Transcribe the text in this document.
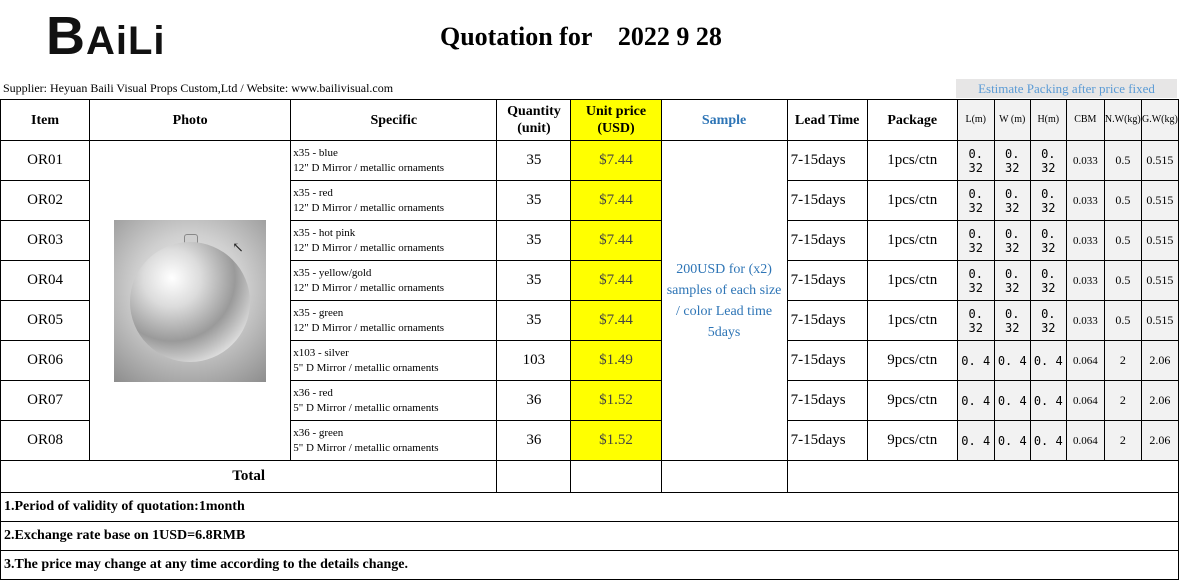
B AiLi	Quotation for    2022 9 28
Supplier: Heyuan Baili Visual Props Custom,Ltd / Website: www.bailivisual.com	Estimate Packing after price fixed
Item	Photo	Specific	Quantity (unit)	Unit price (USD)	Sample	Lead Time	Package	L(m)	W (m)	H(m)	CBM	N.W(kg)	G.W(kg)
OR01	↖	x35 - blue
12" D Mirror / metallic ornaments	35	$7.44	200USD for (x2) samples of each size / color Lead time 5days	7-15days	1pcs/ctn	0. 32	0. 32	0. 32	0.033	0.5	0.515
OR02		x35 - red
12" D Mirror / metallic ornaments	35	$7.44		7-15days	1pcs/ctn	0. 32	0. 32	0. 32	0.033	0.5	0.515
OR03		x35 - hot pink
12" D Mirror / metallic ornaments	35	$7.44		7-15days	1pcs/ctn	0. 32	0. 32	0. 32	0.033	0.5	0.515
OR04		x35 - yellow/gold
12" D Mirror / metallic ornaments	35	$7.44		7-15days	1pcs/ctn	0. 32	0. 32	0. 32	0.033	0.5	0.515
OR05		x35 - green
12" D Mirror / metallic ornaments	35	$7.44		7-15days	1pcs/ctn	0. 32	0. 32	0. 32	0.033	0.5	0.515
OR06		x103 - silver
5" D Mirror / metallic ornaments	103	$1.49		7-15days	9pcs/ctn	0. 4	0. 4	0. 4	0.064	2	2.06
OR07		x36 - red
5" D Mirror / metallic ornaments	36	$1.52		7-15days	9pcs/ctn	0. 4	0. 4	0. 4	0.064	2	2.06
OR08		x36 - green
5" D Mirror / metallic ornaments	36	$1.52		7-15days	9pcs/ctn	0. 4	0. 4	0. 4	0.064	2	2.06
Total													
1.Period of validity of quotation:1month													
2.Exchange rate base on 1USD=6.8RMB													
3.The price may change at any time according to the details change.													
